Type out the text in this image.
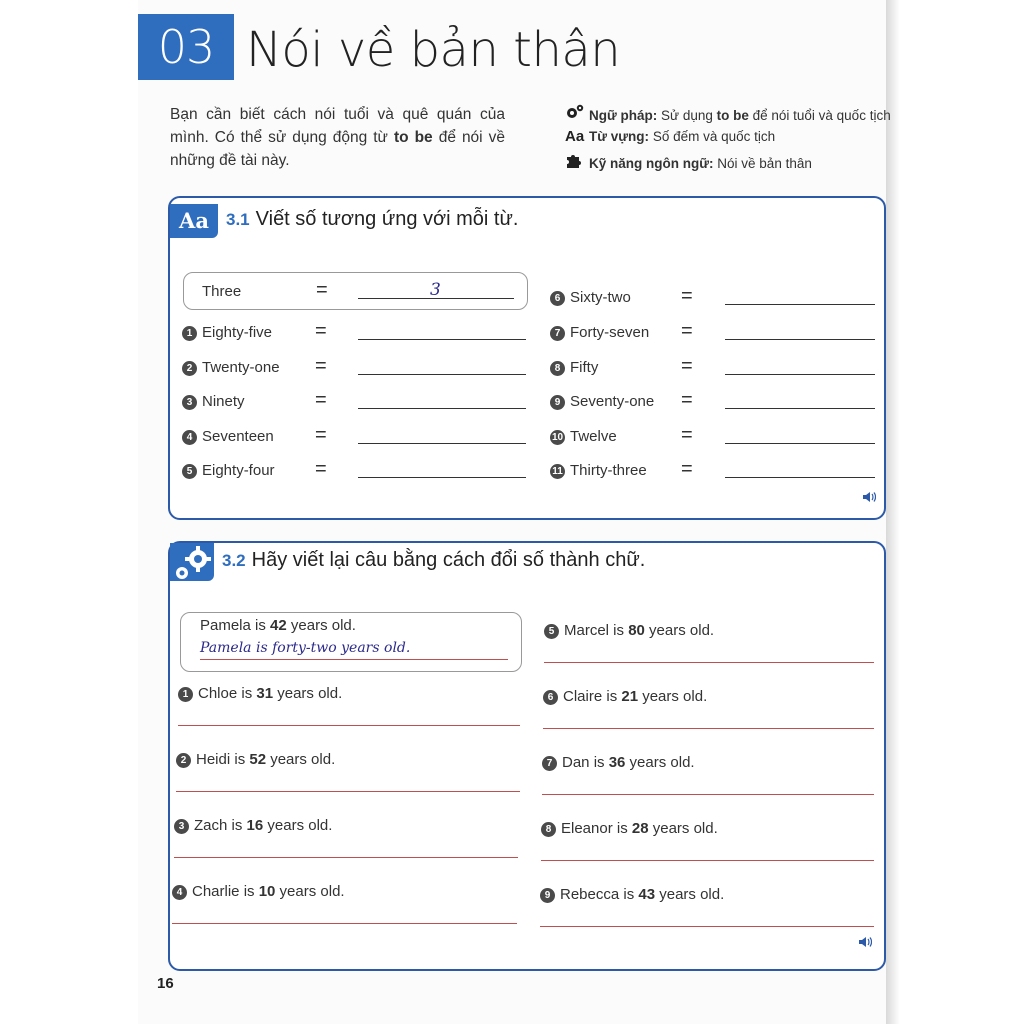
03 Nói về bản thân
Bạn cần biết cách nói tuổi và quê quán của mình. Có thể sử dụng động từ to be để nói về những đề tài này.
Ngữ pháp: Sử dụng to be để nói tuổi và quốc tịch
Aa Từ vựng: Số đếm và quốc tịch
Kỹ năng ngôn ngữ: Nói về bản thân
Aa	3.1 Viết số tương ứng với mỗi từ.
Three	=	3
1 Eighty-five =
2 Twenty-one =
3 Ninety	=
4 Seventeen =
5 Eighty-four =
6 Sixty-two	=
7 Forty-seven =
8 Fifty	=
9 Seventy-one =
10 Twelve	=
11 Thirty-three =
3.2 Hãy viết lại câu bằng cách đổi số thành chữ.
Pamela is 42 years old.
Pamela is forty-two years old.
1 Chloe is 31 years old.
2 Heidi is 52 years old.
3 Zach is 16 years old.
4 Charlie is 10 years old.
5 Marcel is 80 years old.
6 Claire is 21 years old.
7 Dan is 36 years old.
8 Eleanor is 28 years old.
9 Rebecca is 43 years old.
16
